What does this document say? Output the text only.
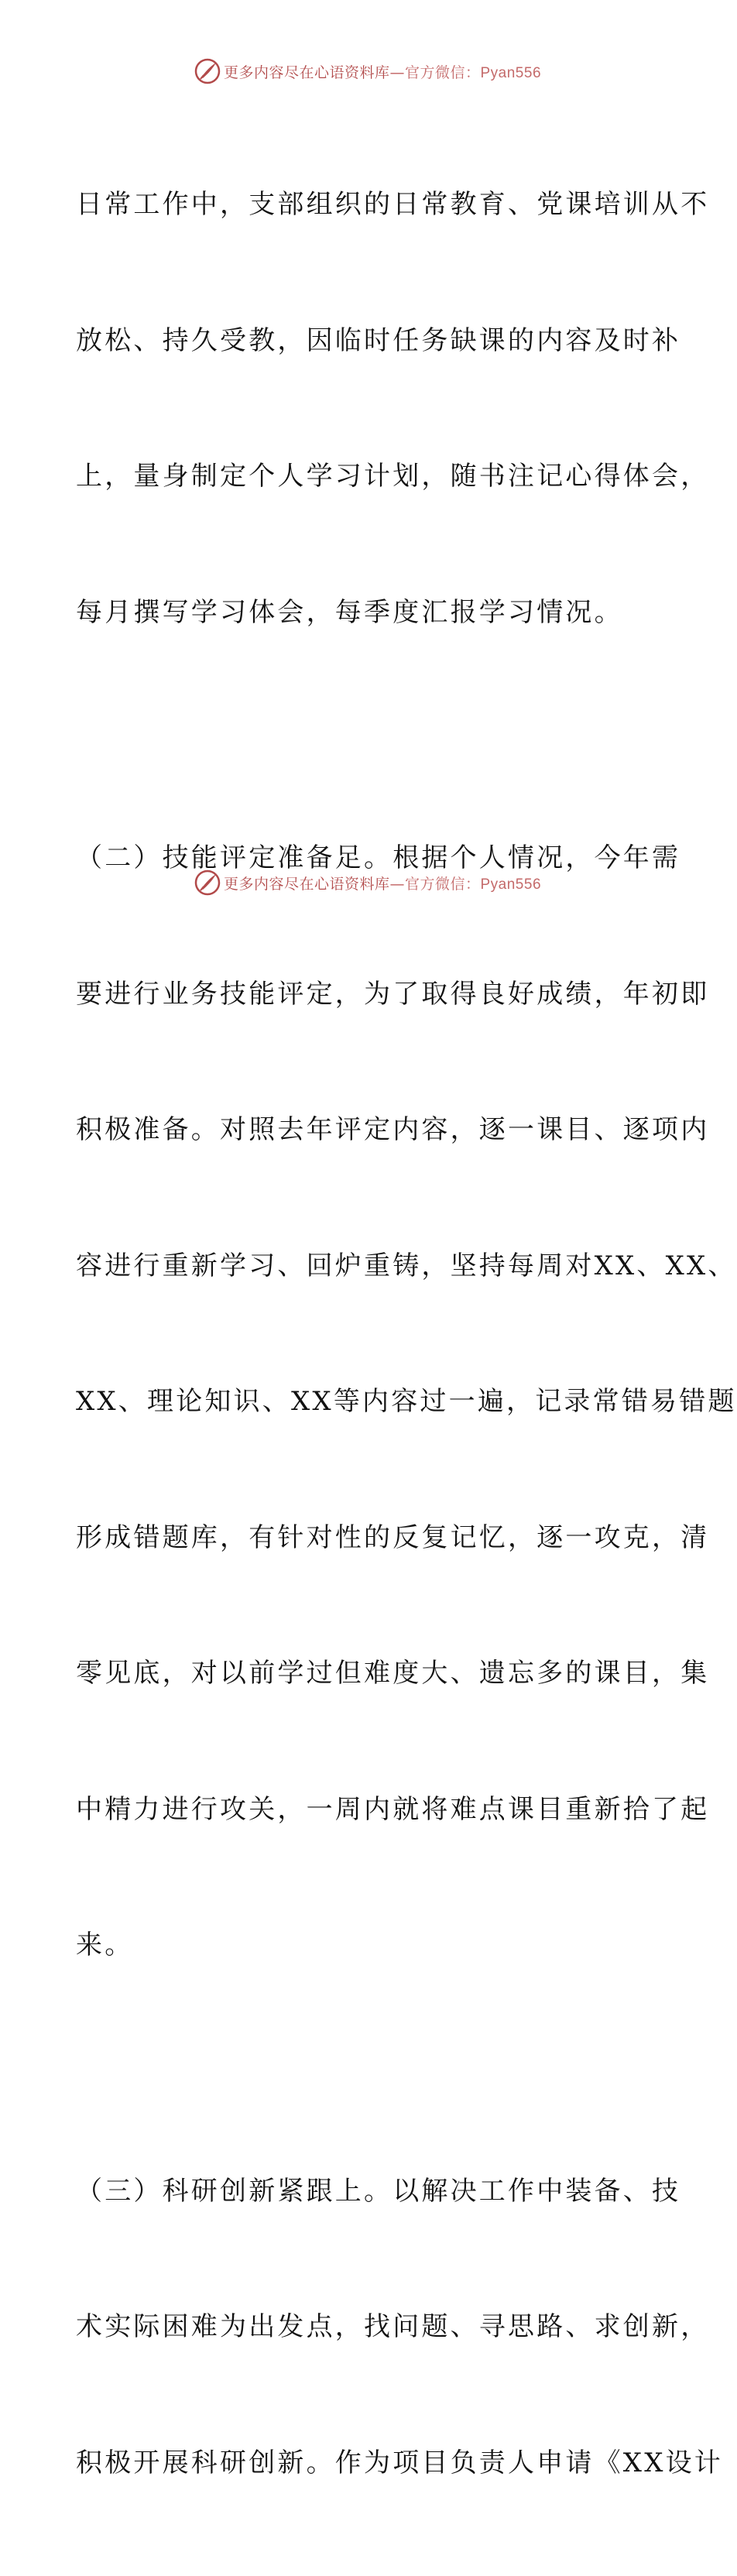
更多内容尽在心语资料库—官方微信：Pyan556

日常工作中，支部组织的日常教育、党课培训从不

放松、持久受教，因临时任务缺课的内容及时补

上，量身制定个人学习计划，随书注记心得体会，

每月撰写学习体会，每季度汇报学习情况。

（二）技能评定准备足。根据个人情况，今年需

要进行业务技能评定，为了取得良好成绩，年初即

积极准备。对照去年评定内容，逐一课目、逐项内

容进行重新学习、回炉重铸，坚持每周对XX、XX、

XX、理论知识、XX等内容过一遍，记录常错易错题

形成错题库，有针对性的反复记忆，逐一攻克，清

零见底，对以前学过但难度大、遗忘多的课目，集

中精力进行攻关，一周内就将难点课目重新拾了起

来。

（三）科研创新紧跟上。以解决工作中装备、技

术实际困难为出发点，找问题、寻思路、求创新，

积极开展科研创新。作为项目负责人申请《XX设计

更多内容尽在心语资料库—官方微信：Pyan556
